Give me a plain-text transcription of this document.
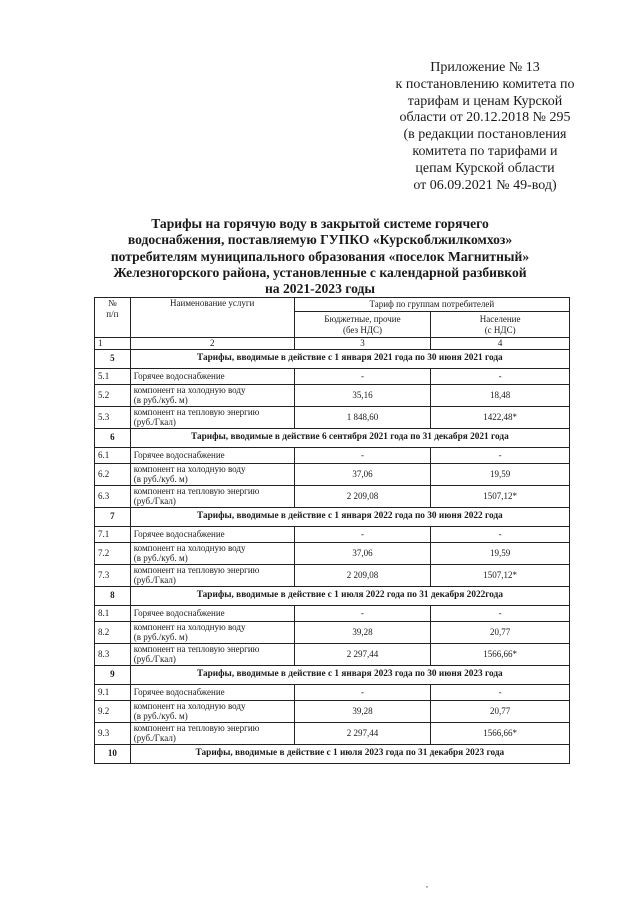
Приложение № 13
к постановлению комитета по
тарифам и ценам Курской
области от 20.12.2018 № 295
(в редакции постановления
комитета по тарифами и
цепам Курской области
от 06.09.2021 № 49-вод)
Тарифы на горячую воду в закрытой системе горячего
водоснабжения, поставляемую ГУПКО «Курскоблжилкомхоз»
потребителям муниципального образования «поселок Магнитный»
Железногорского района, установленные с календарной разбивкой
на 2021-2023 годы
№
п/п	Наименование услуги	Тариф по группам потребителей	
		Бюджетные, прочие
(без НДС)	Население
(с НДС)
1	2	3	4
5	Тарифы, вводимые в действие с 1 января 2021 года по 30 июня 2021 года		
5.1	Горячее водоснабжение	-	-
5.2	компонент на холодную воду
(в руб./куб. м)	35,16	18,48
5.3	компонент на тепловую энергию
(руб./Гкал)	1 848,60	1422,48*
6	Тарифы, вводимые в действие 6 сентября 2021 года по 31 декабря 2021 года		
6.1	Горячее водоснабжение	-	-
6.2	компонент на холодную воду
(в руб./куб. м)	37,06	19,59
6.3	компонент на тепловую энергию
(руб./Гкал)	2 209,08	1507,12*
7	Тарифы, вводимые в действие с 1 января 2022 года по 30 июня 2022 года		
7.1	Горячее водоснабжение	-	-
7.2	компонент на холодную воду
(в руб./куб. м)	37,06	19,59
7.3	компонент на тепловую энергию
(руб./Гкал)	2 209,08	1507,12*
8	Тарифы, вводимые в действие с 1 июля 2022 года по 31 декабря 2022года		
8.1	Горячее водоснабжение	-	-
8.2	компонент на холодную воду
(в руб./куб. м)	39,28	20,77
8.3	компонент на тепловую энергию
(руб./Гкал)	2 297,44	1566,66*
9	Тарифы, вводимые в действие с 1 января 2023 года по 30 июня 2023 года		
9.1	Горячее водоснабжение	-	-
9.2	компонент на холодную воду
(в руб./куб. м)	39,28	20,77
9.3	компонент на тепловую энергию
(руб./Гкал)	2 297,44	1566,66*
10	Тарифы, вводимые в действие с 1 июля 2023 года по 31 декабря 2023 года		
,
